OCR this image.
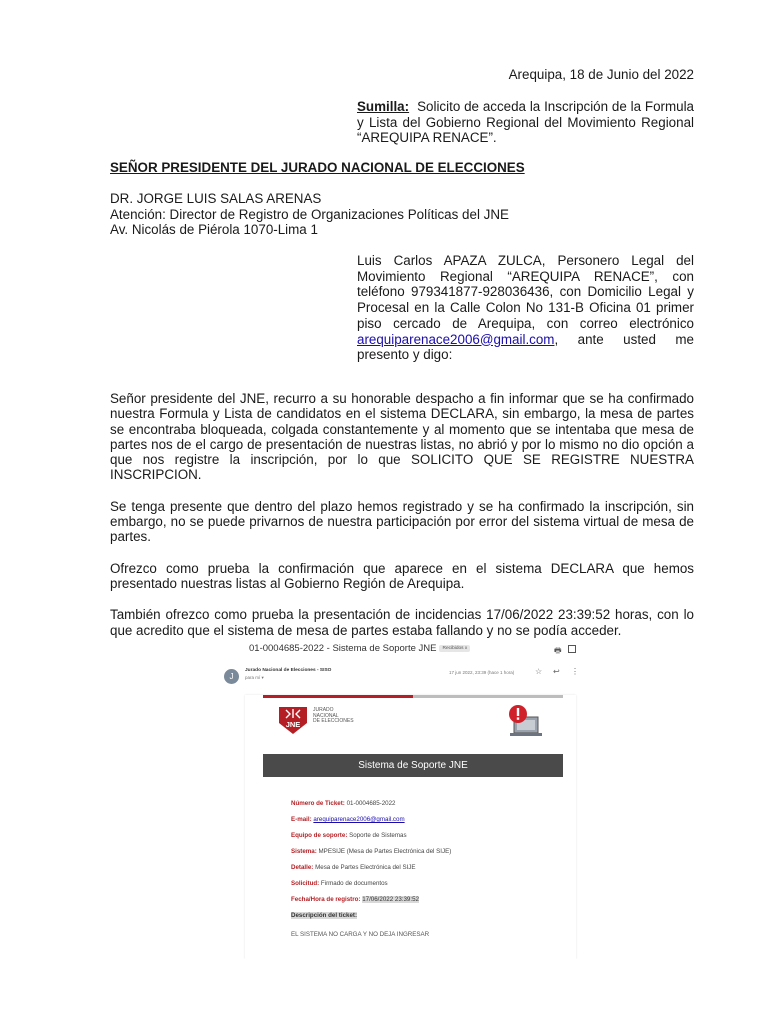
Arequipa, 18 de Junio del 2022
Sumilla: Solicito de acceda la Inscripción de la Formula y Lista del Gobierno Regional del Movimiento Regional “AREQUIPA RENACE”.
SEÑOR PRESIDENTE DEL JURADO NACIONAL DE ELECCIONES
DR. JORGE LUIS SALAS ARENAS
Atención: Director de Registro de Organizaciones Políticas del JNE
Av. Nicolás de Piérola 1070-Lima 1
Luis Carlos APAZA ZULCA, Personero Legal del Movimiento Regional “AREQUIPA RENACE”, con teléfono 979341877-928036436, con Domicilio Legal y Procesal en la Calle Colon No 131-B Oficina 01 primer piso cercado de Arequipa, con correo electrónico arequiparenace2006@gmail.com, ante usted me presento y digo:

Señor presidente del JNE, recurro a su honorable despacho a fin informar que se ha confirmado nuestra Formula y Lista de candidatos en el sistema DECLARA, sin embargo, la mesa de partes se encontraba bloqueada, colgada constantemente y al momento que se intentaba que mesa de partes nos de el cargo de presentación de nuestras listas, no abrió y por lo mismo no dio opción a que nos registre la inscripción, por lo que SOLICITO QUE SE REGISTRE NUESTRA INSCRIPCION.

Se tenga presente que dentro del plazo hemos registrado y se ha confirmado la inscripción, sin embargo, no se puede privarnos de nuestra participación por error del sistema virtual de mesa de partes.

Ofrezco como prueba la confirmación que aparece en el sistema DECLARA que hemos presentado nuestras listas al Gobierno Región de Arequipa.

También ofrezco como prueba la presentación de incidencias 17/06/2022 23:39:52 horas, con lo que acredito que el sistema de mesa de partes estaba fallando y no se podía acceder.

01-0004685-2022 - Sistema de Soporte JNE Recibidos x	🖶
J
Jurado Nacional de Elecciones - SISO
para mí ▾
17 jun 2022, 23:39 (hace 1 hora)	☆ ↩ ⋮
JNE
JURADO
NACIONAL
DE ELECCIONES
Sistema de Soporte JNE
Número de Ticket: 01-0004685-2022
E-mail: arequiparenace2006@gmail.com
Equipo de soporte: Soporte de Sistemas
Sistema: MPESIJE (Mesa de Partes Electrónica del SIJE)
Detalle: Mesa de Partes Electrónica del SIJE
Solicitud: Firmado de documentos
Fecha/Hora de registro: 17/06/2022 23:39:52
Descripción del ticket:
EL SISTEMA NO CARGA Y NO DEJA INGRESAR
